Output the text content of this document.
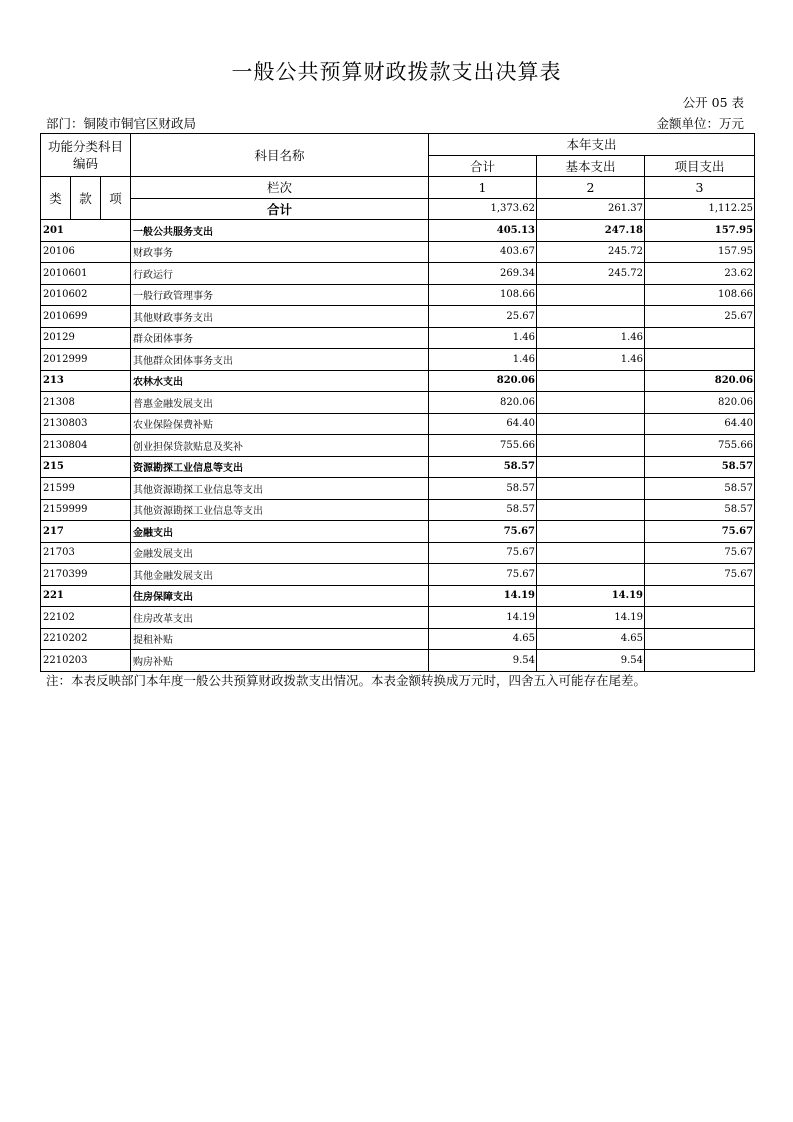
一般公共预算财政拨款支出决算表
公开 05 表
部门：铜陵市铜官区财政局	金额单位：万元
功能分类科目编码			科目名称	本年支出		
				合计	基本支出	项目支出
类	款	项	栏次	1	2	3
			合计	1,373.62	261.37	1,112.25
201			一般公共服务支出	405.13	247.18	157.95
20106			财政事务	403.67	245.72	157.95
2010601			行政运行	269.34	245.72	23.62
2010602			一般行政管理事务	108.66		108.66
2010699			其他财政事务支出	25.67		25.67
20129			群众团体事务	1.46	1.46	
2012999			其他群众团体事务支出	1.46	1.46	
213			农林水支出	820.06		820.06
21308			普惠金融发展支出	820.06		820.06
2130803			农业保险保费补贴	64.40		64.40
2130804			创业担保贷款贴息及奖补	755.66		755.66
215			资源勘探工业信息等支出	58.57		58.57
21599			其他资源勘探工业信息等支出	58.57		58.57
2159999			其他资源勘探工业信息等支出	58.57		58.57
217			金融支出	75.67		75.67
21703			金融发展支出	75.67		75.67
2170399			其他金融发展支出	75.67		75.67
221			住房保障支出	14.19	14.19	
22102			住房改革支出	14.19	14.19	
2210202			提租补贴	4.65	4.65	
2210203			购房补贴	9.54	9.54	
注：本表反映部门本年度一般公共预算财政拨款支出情况。本表金额转换成万元时，四舍五入可能存在尾差。
